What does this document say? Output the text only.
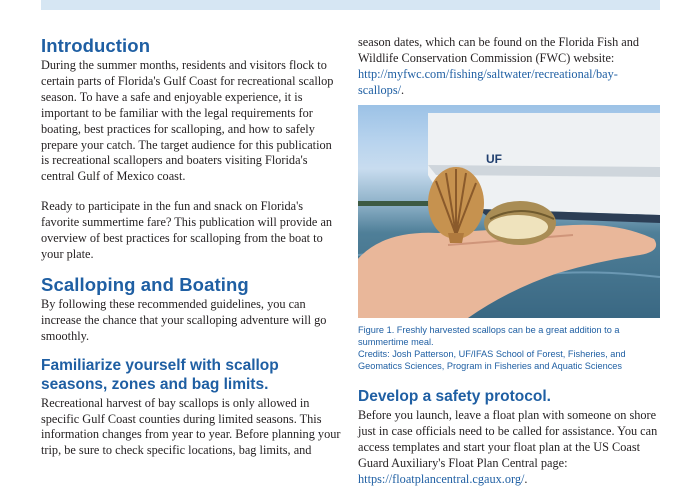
Introduction

During the summer months, residents and visitors flock to certain parts of Florida's Gulf Coast for recreational scallop season. To have a safe and enjoyable experience, it is important to be familiar with the legal requirements for boating, best practices for scalloping, and how to safely prepare your catch. The target audience for this publication is recreational scallopers and boaters visiting Florida's central Gulf of Mexico coast.

Ready to participate in the fun and snack on Florida's favorite summertime fare? This publication will provide an overview of best practices for scalloping from the boat to your plate.

Scalloping and Boating

By following these recommended guidelines, you can increase the chance that your scalloping adventure will go smoothly.

Familiarize yourself with scallop seasons, zones and bag limits.

Recreational harvest of bay scallops is only allowed in specific Gulf Coast counties during limited seasons. This information changes from year to year. Before planning your trip, be sure to check specific locations, bag limits, and

season dates, which can be found on the Florida Fish and Wildlife Conservation Commission (FWC) website: http://myfwc.com/fishing/saltwater/recreational/bay-scallops/.

UF
Figure 1. Freshly harvested scallops can be a great addition to a summertime meal.
Credits: Josh Patterson, UF/IFAS School of Forest, Fisheries, and Geomatics Sciences, Program in Fisheries and Aquatic Sciences
Develop a safety protocol.

Before you launch, leave a float plan with someone on shore just in case officials need to be called for assistance. You can access templates and start your float plan at the US Coast Guard Auxiliary's Float Plan Central page: https://floatplancentral.cgaux.org/.
